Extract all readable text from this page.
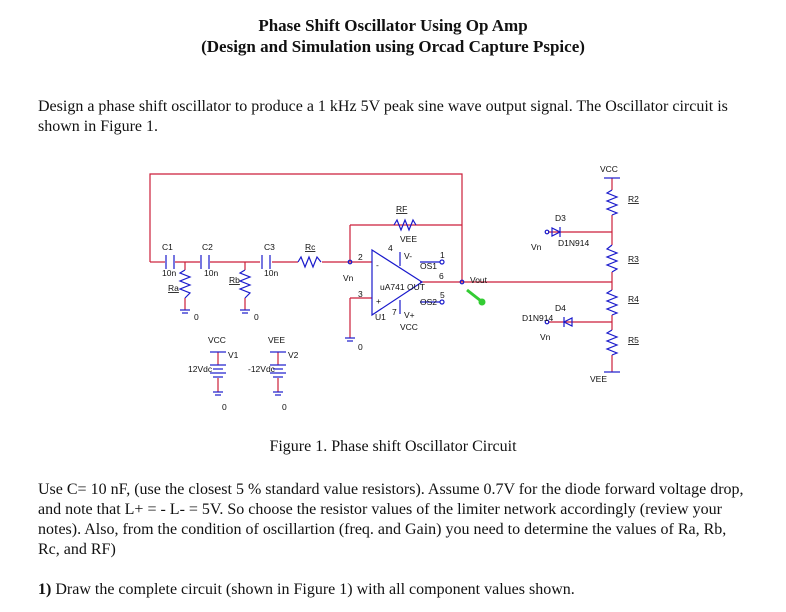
Phase Shift Oscillator Using Op Amp
(Design and Simulation using Orcad Capture Pspice)

Design a phase shift oscillator to produce a 1 kHz 5V peak sine wave output signal. The Oscillator circuit is shown in Figure 1.

C1	C2	C3	Rc
10n	10n	10n
Ra
Rb
0	0
0
RF
VEE
4
2
3
Vn
-
+
V-
V+
OS1
1
OS2
5
6
7
uA741 OUT
U1
VCC
Vout
VCC
R2
R3
R4
R5
D3
D1N914
Vn
D4
D1N914
Vn
VEE
VCC
V1
12Vdc
0
VEE
V2
-12Vdc
0
Figure 1. Phase shift Oscillator Circuit

Use C= 10 nF, (use the closest 5 % standard value resistors). Assume 0.7V for the diode forward voltage drop, and note that L+ = - L- = 5V. So choose the resistor values of the limiter network accordingly (review your notes). Also, from the condition of oscillartion (freq. and Gain) you need to determine the values of Ra, Rb, Rc, and RF)

1) Draw the complete circuit (shown in Figure 1) with all component values shown.
